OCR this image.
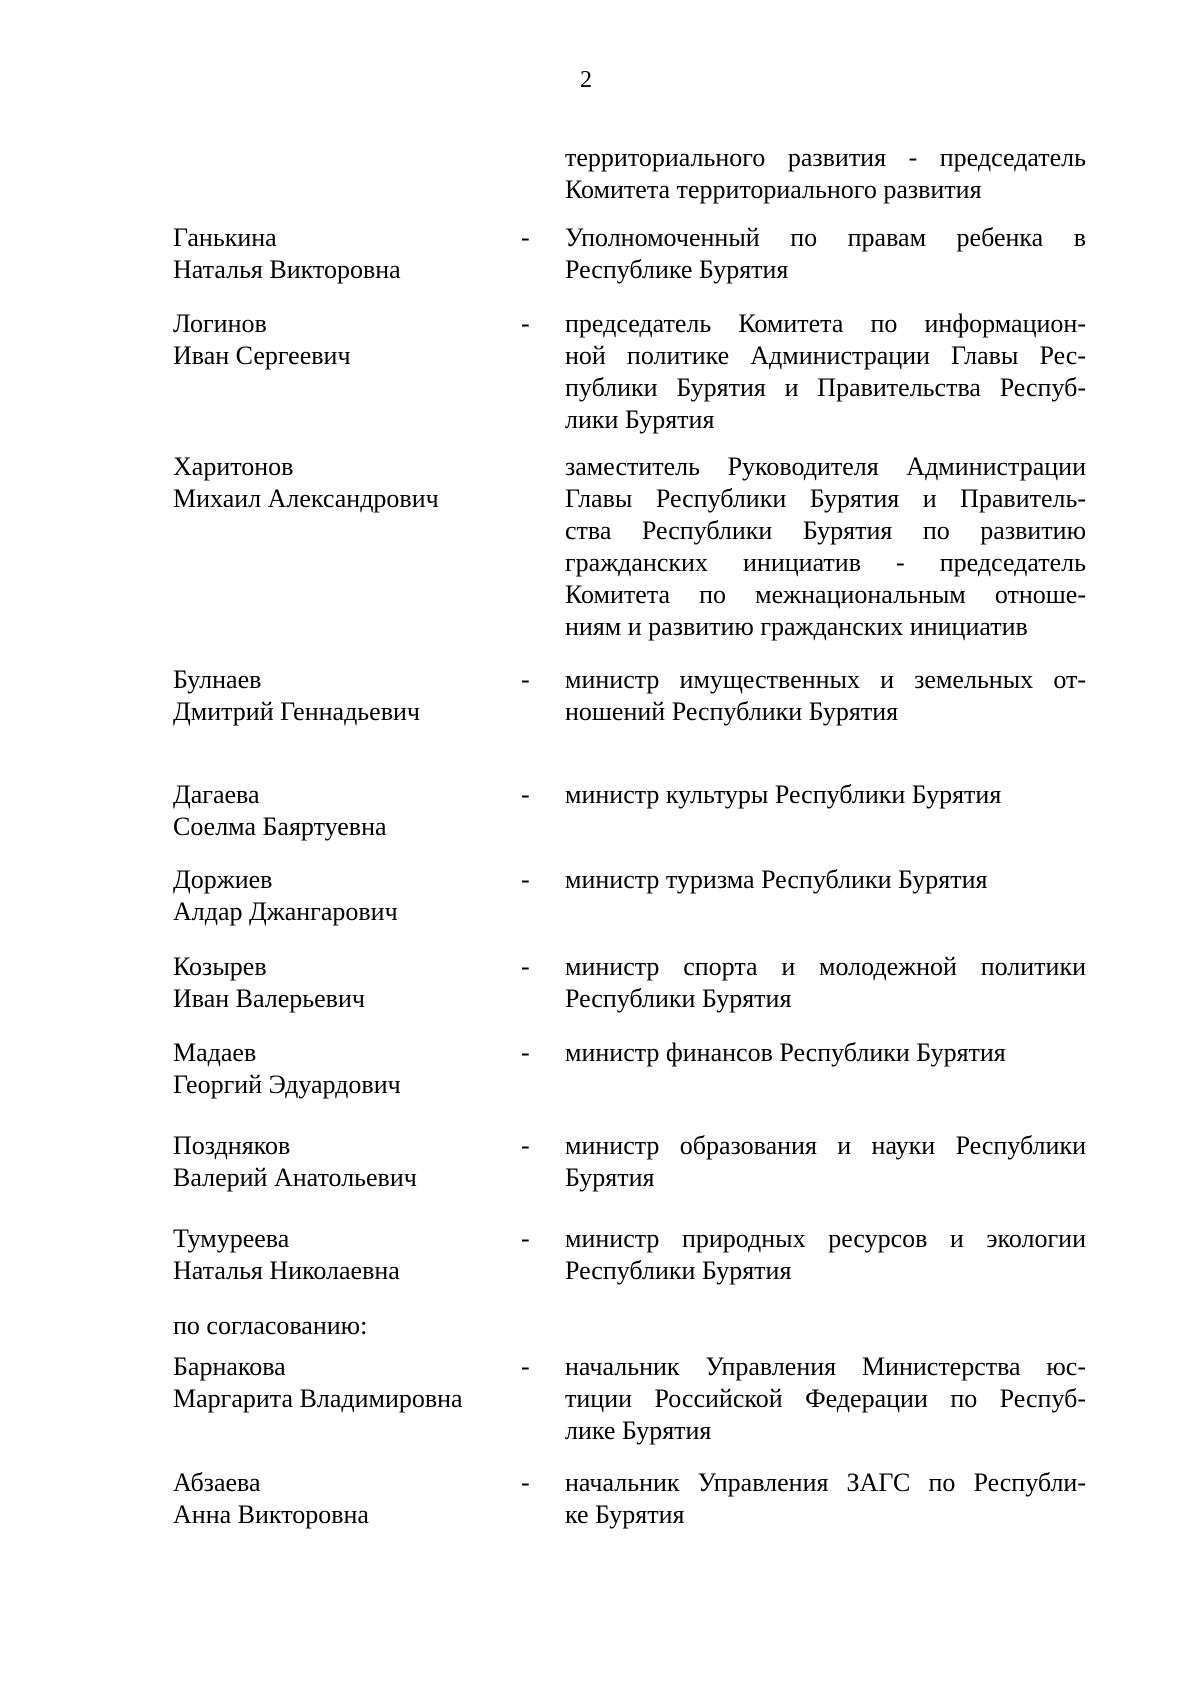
2
территориального развития - председатель
Комитета территориального развития
Ганькина
Наталья Викторовна
- Уполномоченный по правам ребенка в
Республике Бурятия
Логинов
Иван Сергеевич
- председатель Комитета по информацион-
ной политике Администрации Главы Рес-
публики Бурятия и Правительства Респуб-
лики Бурятия
Харитонов
Михаил Александрович
заместитель Руководителя Администрации
Главы Республики Бурятия и Правитель-
ства Республики Бурятия по развитию
гражданских инициатив - председатель
Комитета по межнациональным отноше-
ниям и развитию гражданских инициатив
Булнаев
Дмитрий Геннадьевич
- министр имущественных и земельных от-
ношений Республики Бурятия
Дагаева
Соелма Баяртуевна
- министр культуры Республики Бурятия
Доржиев
Алдар Джангарович
- министр туризма Республики Бурятия
Козырев
Иван Валерьевич
- министр спорта и молодежной политики
Республики Бурятия
Мадаев
Георгий Эдуардович
- министр финансов Республики Бурятия
Поздняков
Валерий Анатольевич
- министр образования и науки Республики
Бурятия
Тумуреева
Наталья Николаевна
- министр природных ресурсов и экологии
Республики Бурятия
по согласованию:
Барнакова
Маргарита Владимировна
- начальник Управления Министерства юс-
тиции Российской Федерации по Респуб-
лике Бурятия
Абзаева
Анна Викторовна
- начальник Управления ЗАГС по Республи-
ке Бурятия
